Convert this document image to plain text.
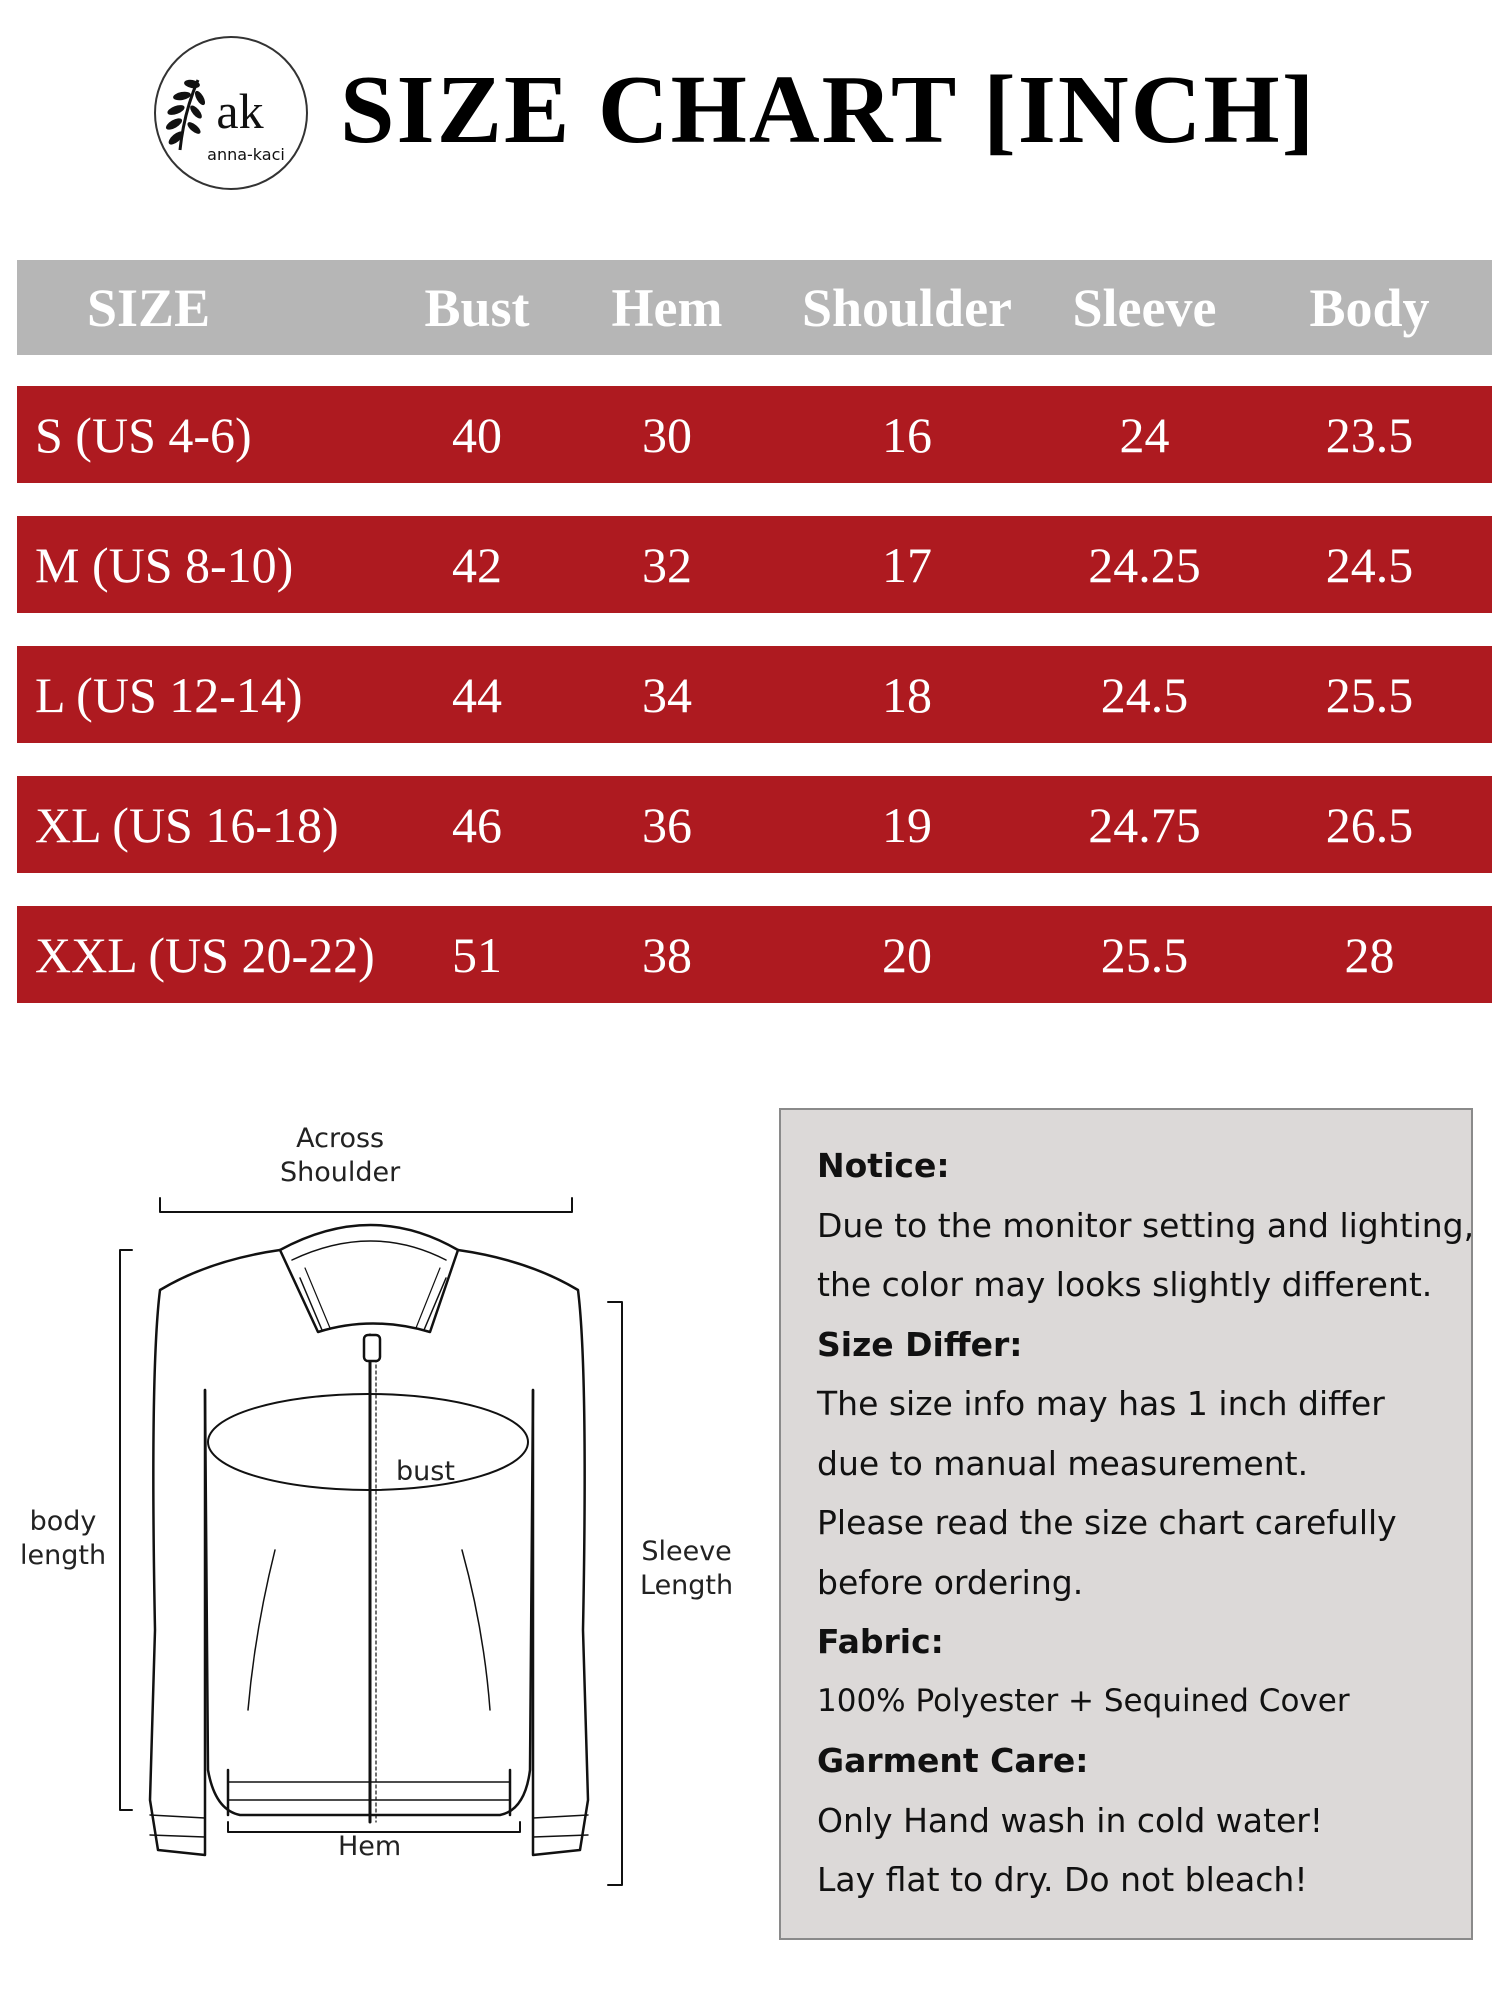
ak
anna-kaci SIZE CHART [INCH]
SIZE	Bust	Hem	Shoulder	Sleeve	Body
S (US 4-6)	40	30	16	24	23.5
M (US 8-10)	42	32	17	24.25	24.5
L (US 12-14)	44	34	18	24.5	25.5
XL (US 16-18)	46	36	19	24.75	26.5
XXL (US 20-22)	51	38	20	25.5	28
Across
Shoulder
bust
body
length	Sleeve
Length
Hem
Notice:
Due to the monitor setting and lighting,
the color may looks slightly different.
Size Differ:
The size info may has 1 inch differ
due to manual measurement.
Please read the size chart carefully
before ordering.
Fabric:
100% Polyester + Sequined Cover
Garment Care:
Only Hand wash in cold water!
Lay flat to dry. Do not bleach!
